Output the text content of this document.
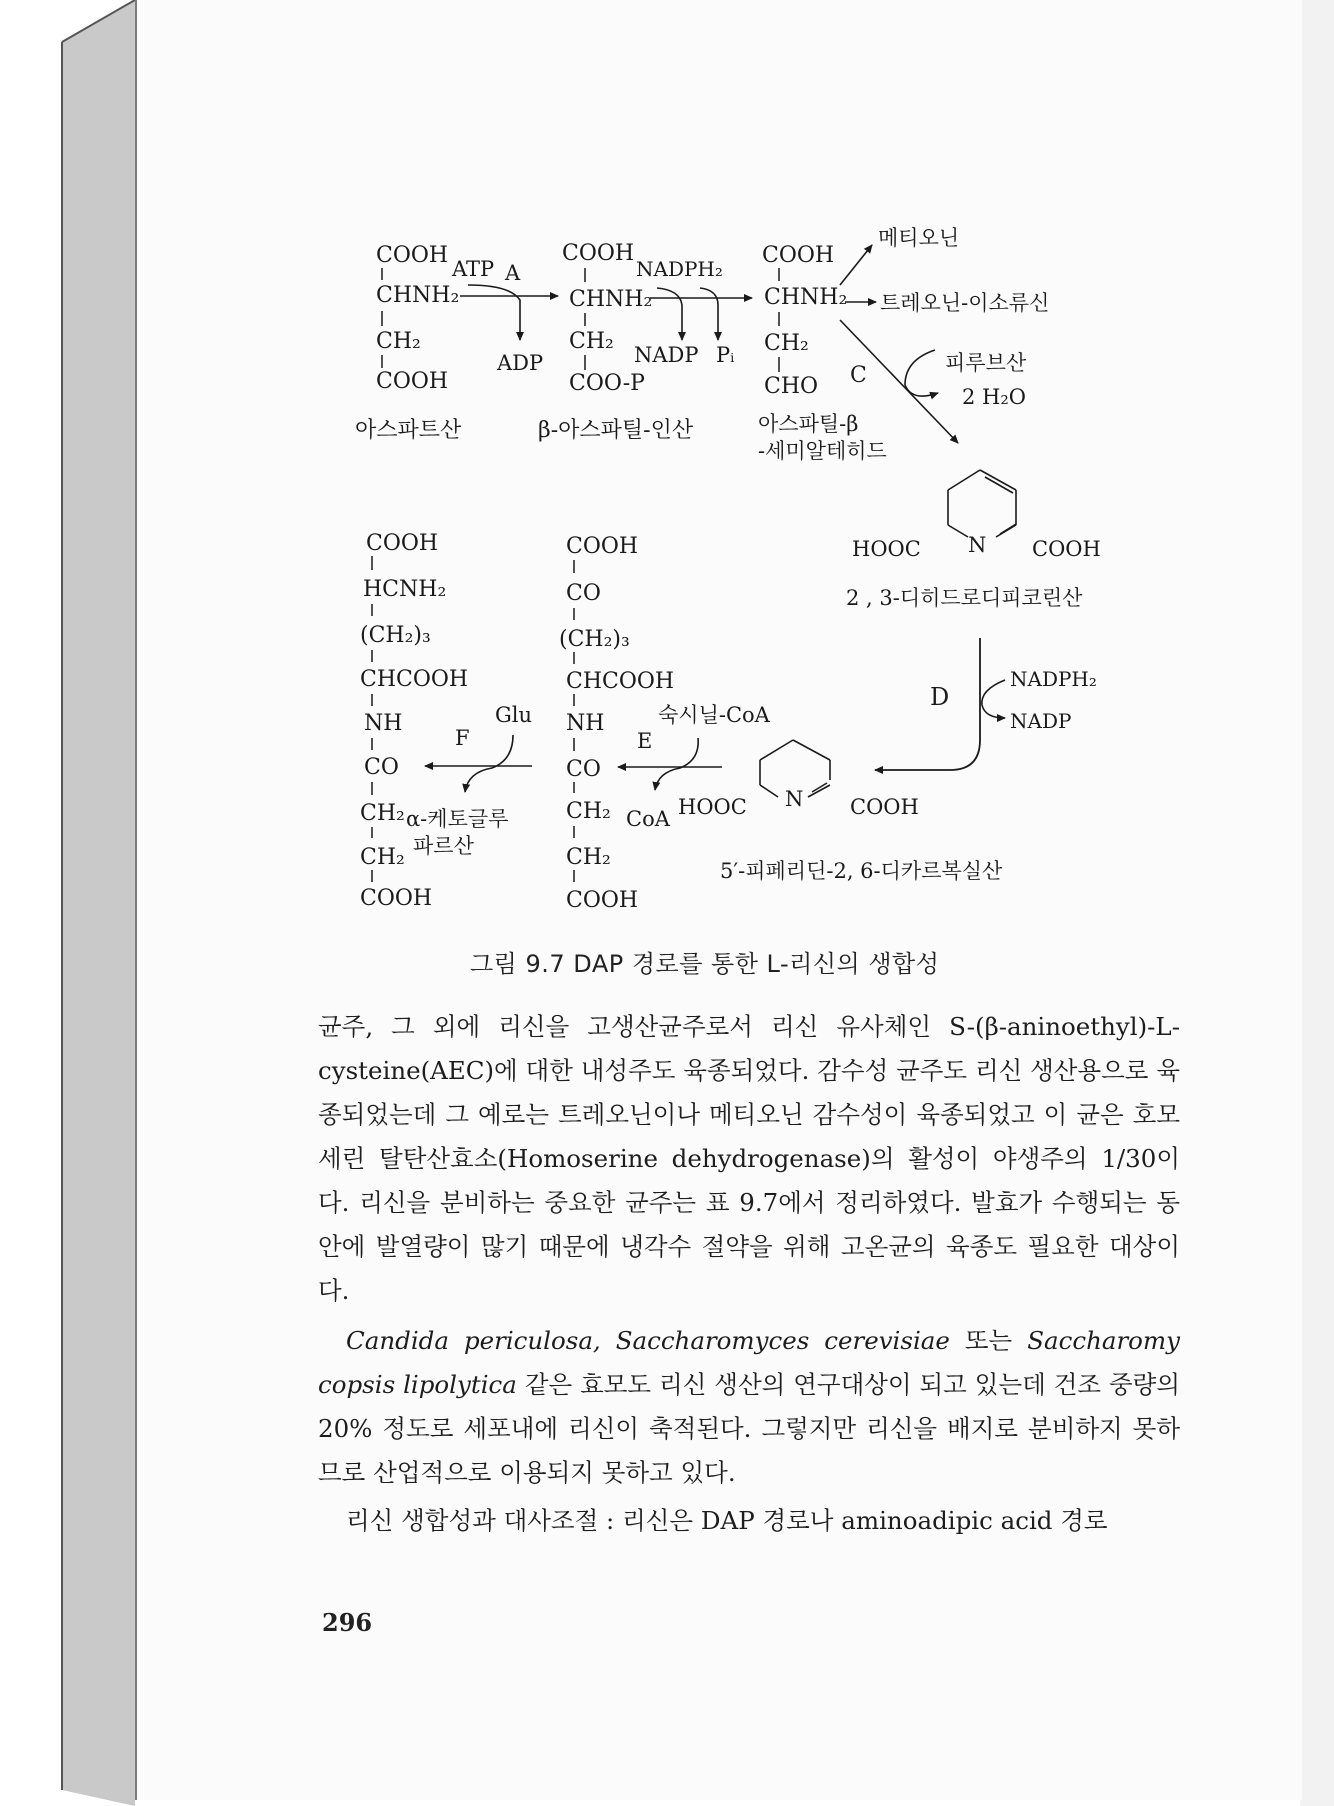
COOH
CHNH₂
CH₂
COOH
아스파트산
ATP A
ADP
COOH
CHNH₂
CH₂
COO-P
β-아스파틸-인산
NADPH₂
NADP Pᵢ
COOH
CHNH₂
CH₂
CHO
아스파틸-β
-세미알테히드
메티오닌
트레오닌-이소류신
C	피루브산
2 H₂O
HOOC N COOH
2 , 3-디히드로디피코린산
D
NADPH₂
NADP
HOOC N COOH
5′-피페리딘-2, 6-디카르복실산
숙시닐-CoA
E
CoA
COOH
CO
(CH₂)₃
CHCOOH
NH
CO
CH₂
CH₂
COOH
Glu
F
α-케토글루
파르산
COOH
HCNH₂
(CH₂)₃
CHCOOH
NH
CO
CH₂
CH₂
COOH
그림 9.7 DAP 경로를 통한 L-리신의 생합성

균주, 그 외에 리신을 고생산균주로서 리신 유사체인 S-(β-aninoethyl)-L-cysteine(AEC)에 대한 내성주도 육종되었다. 감수성 균주도 리신 생산용으로 육종되었는데 그 예로는 트레오닌이나 메티오닌 감수성이 육종되었고 이 균은 호모세린 탈탄산효소(Homoserine dehydrogenase)의 활성이 야생주의 1/30이다. 리신을 분비하는 중요한 균주는 표 9.7에서 정리하였다. 발효가 수행되는 동안에 발열량이 많기 때문에 냉각수 절약을 위해 고온균의 육종도 필요한 대상이다.

Candida periculosa, Saccharomyces cerevisiae 또는 Saccharomy copsis lipolytica 같은 효모도 리신 생산의 연구대상이 되고 있는데 건조 중량의 20% 정도로 세포내에 리신이 축적된다. 그렇지만 리신을 배지로 분비하지 못하므로 산업적으로 이용되지 못하고 있다.

리신 생합성과 대사조절 : 리신은 DAP 경로나 aminoadipic acid 경로

296
